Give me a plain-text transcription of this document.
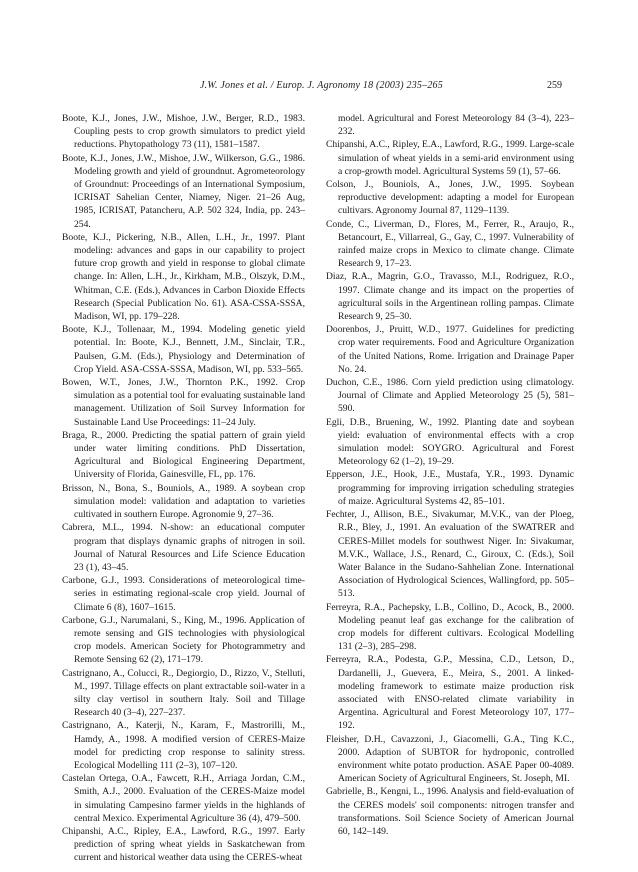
J.W. Jones et al. / Europ. J. Agronomy 18 (2003) 235–265	259

Boote, K.J., Jones, J.W., Mishoe, J.W., Berger, R.D., 1983. Coupling pests to crop growth simulators to predict yield reductions. Phytopathology 73 (11), 1581–1587.

Boote, K.J., Jones, J.W., Mishoe, J.W., Wilkerson, G.G., 1986. Modeling growth and yield of groundnut. Agrometeorology of Groundnut: Proceedings of an International Symposium, ICRISAT Sahelian Center, Niamey, Niger. 21–26 Aug, 1985, ICRISAT, Patancheru, A.P. 502 324, India, pp. 243–254.

Boote, K.J., Pickering, N.B., Allen, L.H., Jr., 1997. Plant modeling: advances and gaps in our capability to project future crop growth and yield in response to global climate change. In: Allen, L.H., Jr., Kirkham, M.B., Olszyk, D.M., Whitman, C.E. (Eds.), Advances in Carbon Dioxide Effects Research (Special Publication No. 61). ASA-CSSA-SSSA, Madison, WI, pp. 179–228.

Boote, K.J., Tollenaar, M., 1994. Modeling genetic yield potential. In: Boote, K.J., Bennett, J.M., Sinclair, T.R., Paulsen, G.M. (Eds.), Physiology and Determination of Crop Yield. ASA-CSSA-SSSA, Madison, WI, pp. 533–565.

Bowen, W.T., Jones, J.W., Thornton P.K., 1992. Crop simulation as a potential tool for evaluating sustainable land management. Utilization of Soil Survey Information for Sustainable Land Use Proceedings: 11–24 July.

Braga, R., 2000. Predicting the spatial pattern of grain yield under water limiting conditions. PhD Dissertation, Agricultural and Biological Engineering Department, University of Florida, Gainesville, FL, pp. 176.

Brisson, N., Bona, S., Bouniols, A., 1989. A soybean crop simulation model: validation and adaptation to varieties cultivated in southern Europe. Agronomie 9, 27–36.

Cabrera, M.L., 1994. N-show: an educational computer program that displays dynamic graphs of nitrogen in soil. Journal of Natural Resources and Life Science Education 23 (1), 43–45.

Carbone, G.J., 1993. Considerations of meteorological time-series in estimating regional-scale crop yield. Journal of Climate 6 (8), 1607–1615.

Carbone, G.J., Narumalani, S., King, M., 1996. Application of remote sensing and GIS technologies with physiological crop models. American Society for Photogrammetry and Remote Sensing 62 (2), 171–179.

Castrignano, A., Colucci, R., Degiorgio, D., Rizzo, V., Stelluti, M., 1997. Tillage effects on plant extractable soil-water in a silty clay vertisol in southern Italy. Soil and Tillage Research 40 (3–4), 227–237.

Castrignano, A., Katerji, N., Karam, F., Mastrorilli, M., Hamdy, A., 1998. A modified version of CERES-Maize model for predicting crop response to salinity stress. Ecological Modelling 111 (2–3), 107–120.

Castelan Ortega, O.A., Fawcett, R.H., Arriaga Jordan, C.M., Smith, A.J., 2000. Evaluation of the CERES-Maize model in simulating Campesino farmer yields in the highlands of central Mexico. Experimental Agriculture 36 (4), 479–500.

Chipanshi, A.C., Ripley, E.A., Lawford, R.G., 1997. Early prediction of spring wheat yields in Saskatchewan from current and historical weather data using the CERES-wheat

model. Agricultural and Forest Meteorology 84 (3–4), 223–232.

Chipanshi, A.C., Ripley, E.A., Lawford, R.G., 1999. Large-scale simulation of wheat yields in a semi-arid environment using a crop-growth model. Agricultural Systems 59 (1), 57–66.

Colson, J., Bouniols, A., Jones, J.W., 1995. Soybean reproductive development: adapting a model for European cultivars. Agronomy Journal 87, 1129–1139.

Conde, C., Liverman, D., Flores, M., Ferrer, R., Araujo, R., Betancourt, E., Villarreal, G., Gay, C., 1997. Vulnerability of rainfed maize crops in Mexico to climate change. Climate Research 9, 17–23.

Diaz, R.A., Magrin, G.O., Travasso, M.I., Rodriguez, R.O., 1997. Climate change and its impact on the properties of agricultural soils in the Argentinean rolling pampas. Climate Research 9, 25–30.

Doorenbos, J., Pruitt, W.D., 1977. Guidelines for predicting crop water requirements. Food and Agriculture Organization of the United Nations, Rome. Irrigation and Drainage Paper No. 24.

Duchon, C.E., 1986. Corn yield prediction using climatology. Journal of Climate and Applied Meteorology 25 (5), 581–590.

Egli, D.B., Bruening, W., 1992. Planting date and soybean yield: evaluation of environmental effects with a crop simulation model: SOYGRO. Agricultural and Forest Meteorology 62 (1–2), 19–29.

Epperson, J.E., Hook, J.E., Mustafa, Y.R., 1993. Dynamic programming for improving irrigation scheduling strategies of maize. Agricultural Systems 42, 85–101.

Fechter, J., Allison, B.E., Sivakumar, M.V.K., van der Ploeg, R.R., Bley, J., 1991. An evaluation of the SWATRER and CERES-Millet models for southwest Niger. In: Sivakumar, M.V.K., Wallace, J.S., Renard, C., Giroux, C. (Eds.), Soil Water Balance in the Sudano-Sahhelian Zone. International Association of Hydrological Sciences, Wallingford, pp. 505–513.

Ferreyra, R.A., Pachepsky, L.B., Collino, D., Acock, B., 2000. Modeling peanut leaf gas exchange for the calibration of crop models for different cultivars. Ecological Modelling 131 (2–3), 285–298.

Ferreyra, R.A., Podesta, G.P., Messina, C.D., Letson, D., Dardanelli, J., Guevera, E., Meira, S., 2001. A linked-modeling framework to estimate maize production risk associated with ENSO-related climate variability in Argentina. Agricultural and Forest Meteorology 107, 177–192.

Fleisher, D.H., Cavazzoni, J., Giacomelli, G.A., Ting K.C., 2000. Adaption of SUBTOR for hydroponic, controlled environment white potato production. ASAE Paper 00-4089. American Society of Agricultural Engineers, St. Joseph, MI.

Gabrielle, B., Kengni, L., 1996. Analysis and field-evaluation of the CERES models' soil components: nitrogen transfer and transformations. Soil Science Society of American Journal 60, 142–149.
